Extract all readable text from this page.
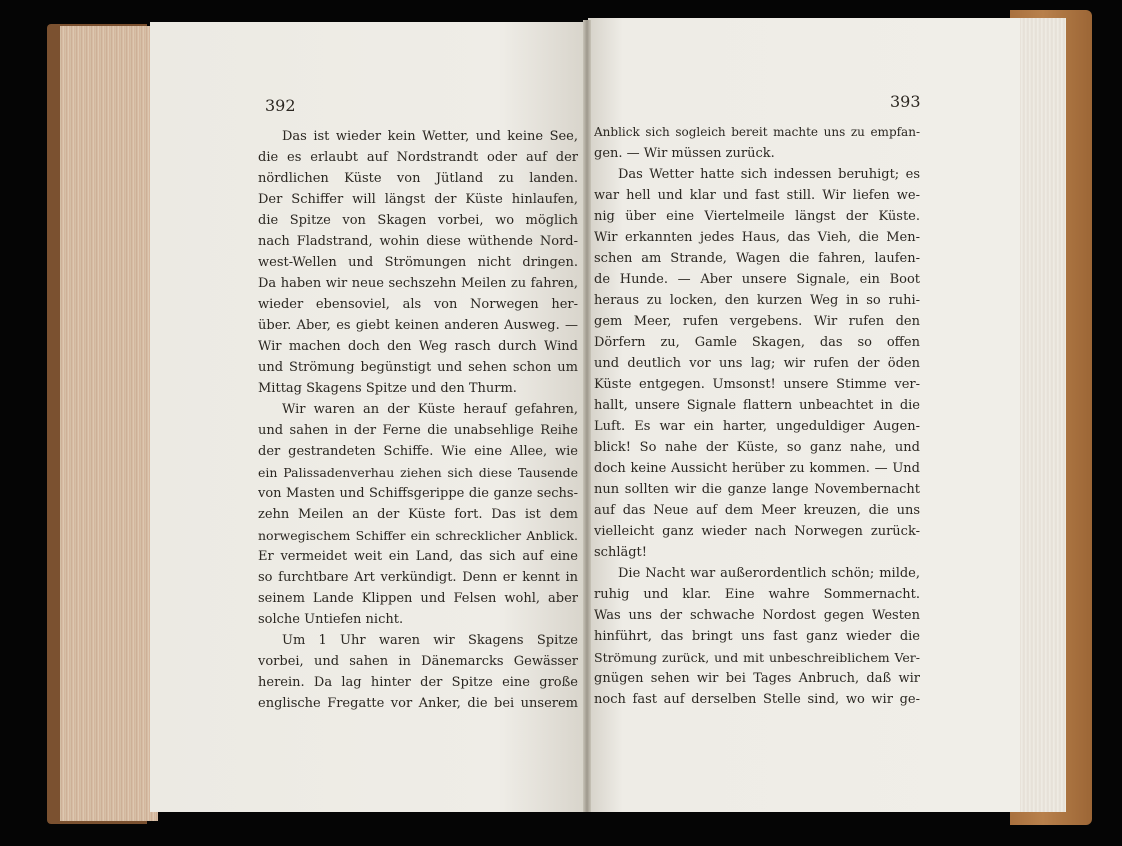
392	393
Das ist wieder kein Wetter, und keine See,
die es erlaubt auf Nordstrandt oder auf der
nördlichen Küste von Jütland zu landen.
Der Schiffer will längst der Küste hinlaufen,
die Spitze von Skagen vorbei, wo möglich
nach Fladstrand, wohin diese wüthende Nord-
west-Wellen und Strömungen nicht dringen.
Da haben wir neue sechszehn Meilen zu fahren,
wieder ebensoviel, als von Norwegen her-
über. Aber, es giebt keinen anderen Ausweg. —
Wir machen doch den Weg rasch durch Wind
und Strömung begünstigt und sehen schon um
Mittag Skagens Spitze und den Thurm.
Wir waren an der Küste herauf gefahren,
und sahen in der Ferne die unabsehlige Reihe
der gestrandeten Schiffe. Wie eine Allee, wie
ein Palissadenverhau ziehen sich diese Tausende
von Masten und Schiffsgerippe die ganze sechs-
zehn Meilen an der Küste fort. Das ist dem
norwegischem Schiffer ein schrecklicher Anblick.
Er vermeidet weit ein Land, das sich auf eine
so furchtbare Art verkündigt. Denn er kennt in
seinem Lande Klippen und Felsen wohl, aber
solche Untiefen nicht.
Um 1 Uhr waren wir Skagens Spitze
vorbei, und sahen in Dänemarcks Gewässer
herein. Da lag hinter der Spitze eine große
englische Fregatte vor Anker, die bei unserem
Anblick sich sogleich bereit machte uns zu empfan-
gen. — Wir müssen zurück.
Das Wetter hatte sich indessen beruhigt; es
war hell und klar und fast still. Wir liefen we-
nig über eine Viertelmeile längst der Küste.
Wir erkannten jedes Haus, das Vieh, die Men-
schen am Strande, Wagen die fahren, laufen-
de Hunde. — Aber unsere Signale, ein Boot
heraus zu locken, den kurzen Weg in so ruhi-
gem Meer, rufen vergebens. Wir rufen den
Dörfern zu, Gamle Skagen, das so offen
und deutlich vor uns lag; wir rufen der öden
Küste entgegen. Umsonst! unsere Stimme ver-
hallt, unsere Signale flattern unbeachtet in die
Luft. Es war ein harter, ungeduldiger Augen-
blick! So nahe der Küste, so ganz nahe, und
doch keine Aussicht herüber zu kommen. — Und
nun sollten wir die ganze lange Novembernacht
auf das Neue auf dem Meer kreuzen, die uns
vielleicht ganz wieder nach Norwegen zurück-
schlägt!
Die Nacht war außerordentlich schön; milde,
ruhig und klar. Eine wahre Sommernacht.
Was uns der schwache Nordost gegen Westen
hinführt, das bringt uns fast ganz wieder die
Strömung zurück, und mit unbeschreiblichem Ver-
gnügen sehen wir bei Tages Anbruch, daß wir
noch fast auf derselben Stelle sind, wo wir ge-
